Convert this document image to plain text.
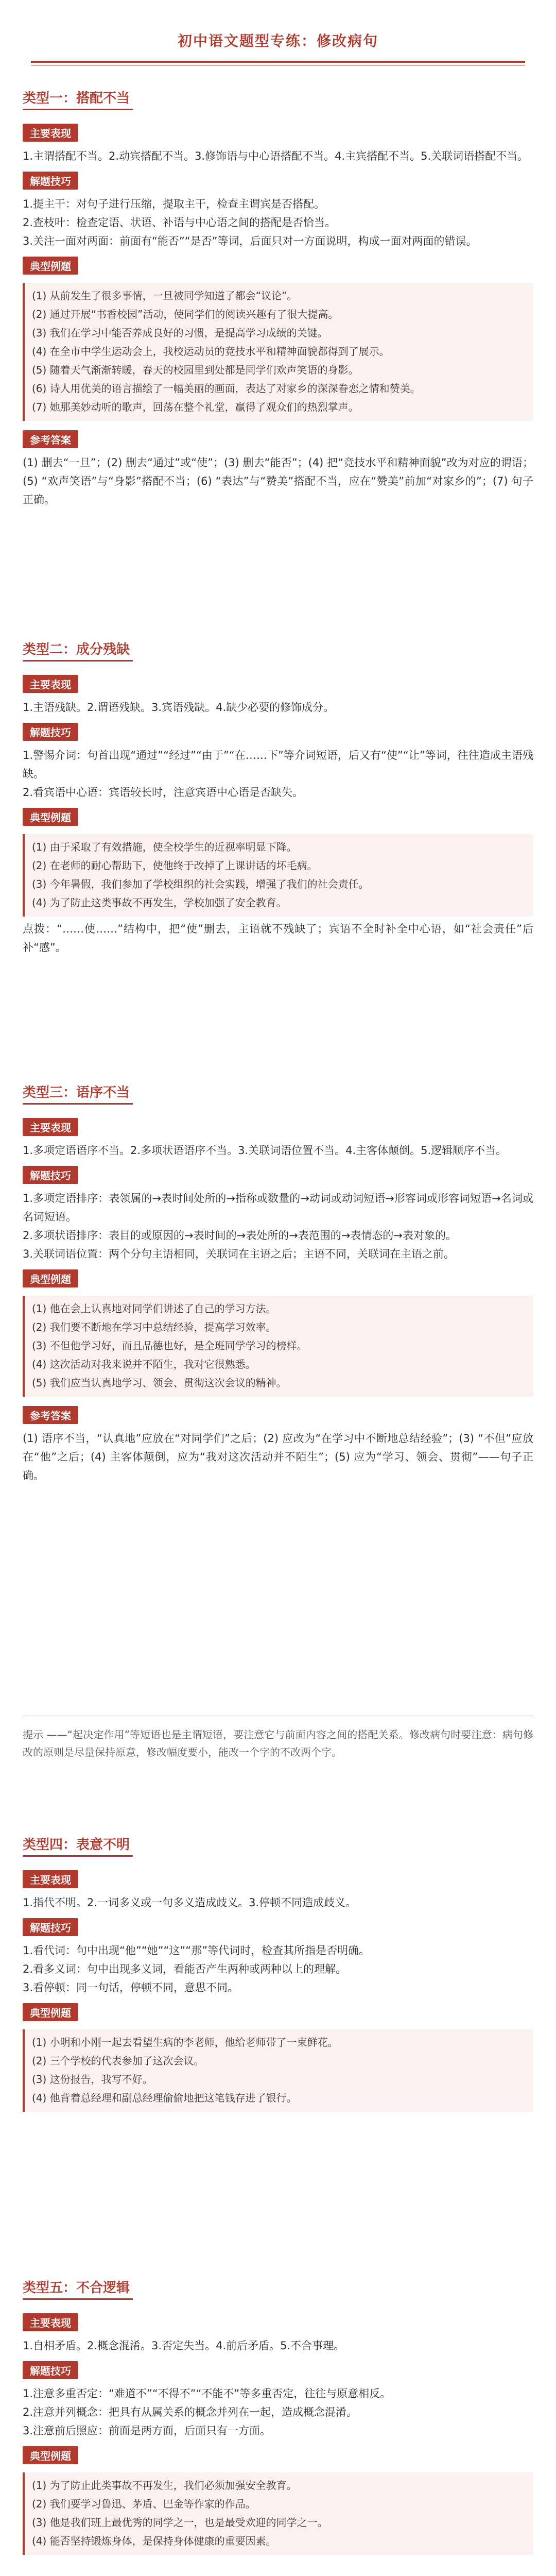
初中语文题型专练：修改病句
类型一：搭配不当
主要表现

1.主谓搭配不当。2.动宾搭配不当。3.修饰语与中心语搭配不当。4.主宾搭配不当。5.关联词语搭配不当。

解题技巧

1.提主干：对句子进行压缩，提取主干，检查主谓宾是否搭配。

2.查枝叶：检查定语、状语、补语与中心语之间的搭配是否恰当。

3.关注一面对两面：前面有“能否”“是否”等词，后面只对一方面说明，构成一面对两面的错误。

典型例题

(1) 从前发生了很多事情，一旦被同学知道了都会“议论”。

(2) 通过开展“书香校园”活动，使同学们的阅读兴趣有了很大提高。

(3) 我们在学习中能否养成良好的习惯，是提高学习成绩的关键。

(4) 在全市中学生运动会上，我校运动员的竞技水平和精神面貌都得到了展示。

(5) 随着天气渐渐转暖，春天的校园里到处都是同学们欢声笑语的身影。

(6) 诗人用优美的语言描绘了一幅美丽的画面，表达了对家乡的深深眷恋之情和赞美。

(7) 她那美妙动听的歌声，回荡在整个礼堂，赢得了观众们的热烈掌声。

参考答案

(1) 删去“一旦”；(2) 删去“通过”或“使”；(3) 删去“能否”；(4) 把“竞技水平和精神面貌”改为对应的谓语；(5) “欢声笑语”与“身影”搭配不当；(6) “表达”与“赞美”搭配不当，应在“赞美”前加“对家乡的”；(7) 句子正确。

类型二：成分残缺
主要表现

1.主语残缺。2.谓语残缺。3.宾语残缺。4.缺少必要的修饰成分。

解题技巧

1.警惕介词：句首出现“通过”“经过”“由于”“在……下”等介词短语，后又有“使”“让”等词，往往造成主语残缺。

2.看宾语中心语：宾语较长时，注意宾语中心语是否缺失。

典型例题

(1) 由于采取了有效措施，使全校学生的近视率明显下降。

(2) 在老师的耐心帮助下，使他终于改掉了上课讲话的坏毛病。

(3) 今年暑假，我们参加了学校组织的社会实践，增强了我们的社会责任。

(4) 为了防止这类事故不再发生，学校加强了安全教育。

点拨：“……使……”结构中，把“使”删去，主语就不残缺了；宾语不全时补全中心语，如“社会责任”后补“感”。

类型三：语序不当
主要表现

1.多项定语语序不当。2.多项状语语序不当。3.关联词语位置不当。4.主客体颠倒。5.逻辑顺序不当。

解题技巧

1.多项定语排序：表领属的→表时间处所的→指称或数量的→动词或动词短语→形容词或形容词短语→名词或名词短语。

2.多项状语排序：表目的或原因的→表时间的→表处所的→表范围的→表情态的→表对象的。

3.关联词语位置：两个分句主语相同，关联词在主语之后；主语不同，关联词在主语之前。

典型例题

(1) 他在会上认真地对同学们讲述了自己的学习方法。

(2) 我们要不断地在学习中总结经验，提高学习效率。

(3) 不但他学习好，而且品德也好，是全班同学学习的榜样。

(4) 这次活动对我来说并不陌生，我对它很熟悉。

(5) 我们应当认真地学习、领会、贯彻这次会议的精神。

参考答案

(1) 语序不当，“认真地”应放在“对同学们”之后；(2) 应改为“在学习中不断地总结经验”；(3) “不但”应放在“他”之后；(4) 主客体颠倒，应为“我对这次活动并不陌生”；(5) 应为“学习、领会、贯彻”——句子正确。

提示 ——“起决定作用”等短语也是主谓短语，要注意它与前面内容之间的搭配关系。修改病句时要注意：病句修改的原则是尽量保持原意，修改幅度要小，能改一个字的不改两个字。
类型四：表意不明
主要表现

1.指代不明。2.一词多义或一句多义造成歧义。3.停顿不同造成歧义。

解题技巧

1.看代词：句中出现“他”“她”“这”“那”等代词时，检查其所指是否明确。

2.看多义词：句中出现多义词，看能否产生两种或两种以上的理解。

3.看停顿：同一句话，停顿不同，意思不同。

典型例题

(1) 小明和小刚一起去看望生病的李老师，他给老师带了一束鲜花。

(2) 三个学校的代表参加了这次会议。

(3) 这份报告，我写不好。

(4) 他背着总经理和副总经理偷偷地把这笔钱存进了银行。

类型五：不合逻辑
主要表现

1.自相矛盾。2.概念混淆。3.否定失当。4.前后矛盾。5.不合事理。

解题技巧

1.注意多重否定：“难道不”“不得不”“不能不”等多重否定，往往与原意相反。

2.注意并列概念：把具有从属关系的概念并列在一起，造成概念混淆。

3.注意前后照应：前面是两方面，后面只有一方面。

典型例题

(1) 为了防止此类事故不再发生，我们必须加强安全教育。

(2) 我们要学习鲁迅、茅盾、巴金等作家的作品。

(3) 他是我们班上最优秀的同学之一，也是最受欢迎的同学之一。

(4) 能否坚持锻炼身体，是保持身体健康的重要因素。
